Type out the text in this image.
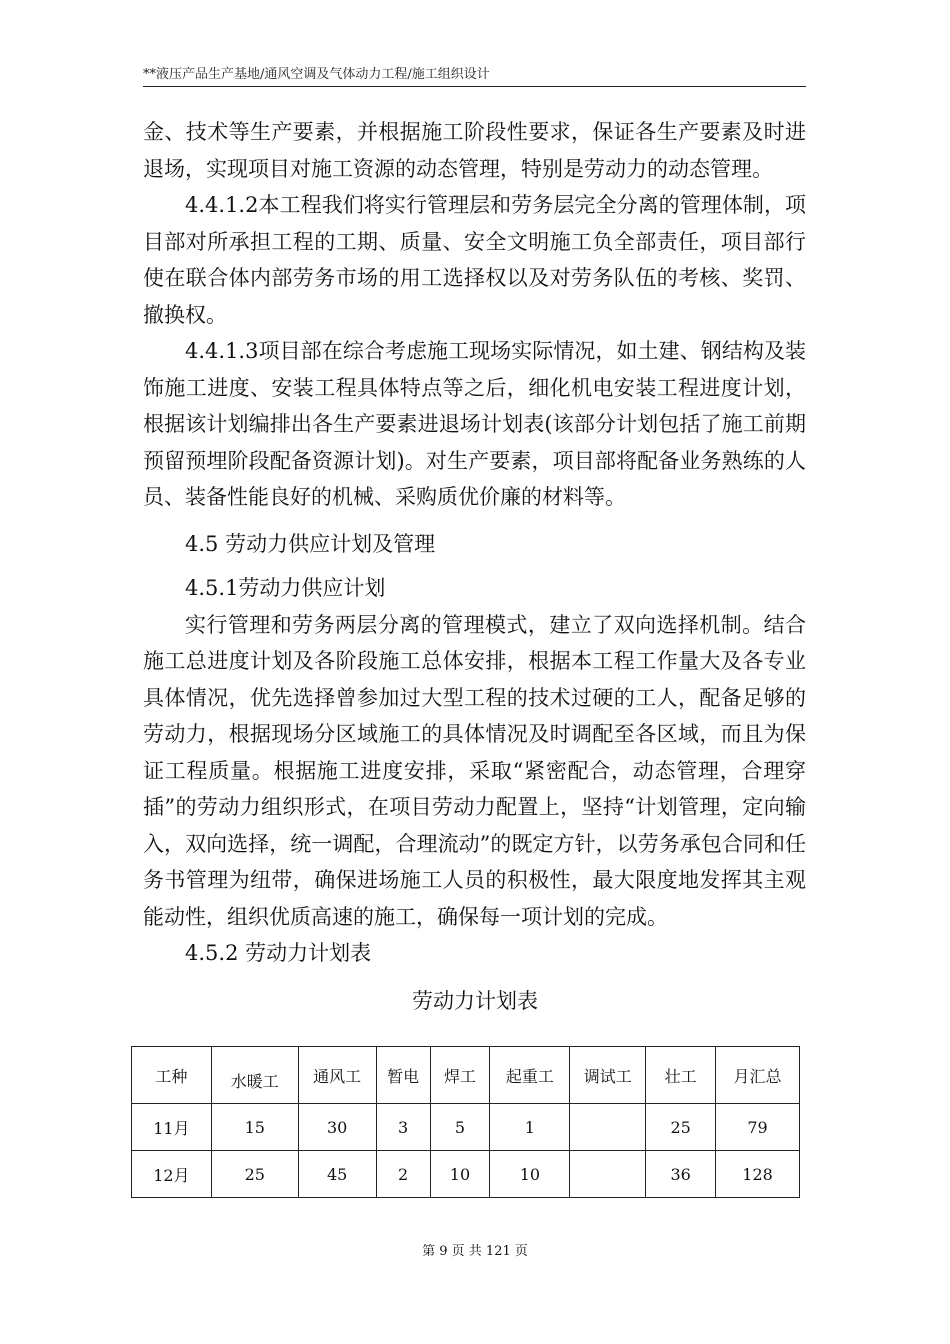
**液压产品生产基地/通风空调及气体动力工程/施工组织设计

金、技术等生产要素，并根据施工阶段性要求，保证各生产要素及时进退场，实现项目对施工资源的动态管理，特别是劳动力的动态管理。

4.4.1.2本工程我们将实行管理层和劳务层完全分离的管理体制，项目部对所承担工程的工期、质量、安全文明施工负全部责任，项目部行使在联合体内部劳务市场的用工选择权以及对劳务队伍的考核、奖罚、撤换权。

4.4.1.3项目部在综合考虑施工现场实际情况，如土建、钢结构及装饰施工进度、安装工程具体特点等之后，细化机电安装工程进度计划，根据该计划编排出各生产要素进退场计划表(该部分计划包括了施工前期预留预埋阶段配备资源计划)。对生产要素，项目部将配备业务熟练的人员、装备性能良好的机械、采购质优价廉的材料等。

4.5 劳动力供应计划及管理

4.5.1劳动力供应计划

实行管理和劳务两层分离的管理模式，建立了双向选择机制。结合施工总进度计划及各阶段施工总体安排，根据本工程工作量大及各专业具体情况，优先选择曾参加过大型工程的技术过硬的工人，配备足够的劳动力，根据现场分区域施工的具体情况及时调配至各区域，而且为保证工程质量。根据施工进度安排，采取“紧密配合，动态管理，合理穿插”的劳动力组织形式，在项目劳动力配置上，坚持“计划管理，定向输入，双向选择，统一调配，合理流动”的既定方针，以劳务承包合同和任务书管理为纽带，确保进场施工人员的积极性，最大限度地发挥其主观能动性，组织优质高速的施工，确保每一项计划的完成。

4.5.2 劳动力计划表

劳动力计划表
工种	水暖工	通风工	暂电	焊工	起重工	调试工	壮工	月汇总
11月	15	30	3	5	1		25	79
12月	25	45	2	10	10		36	128
第 9 页 共 121 页
